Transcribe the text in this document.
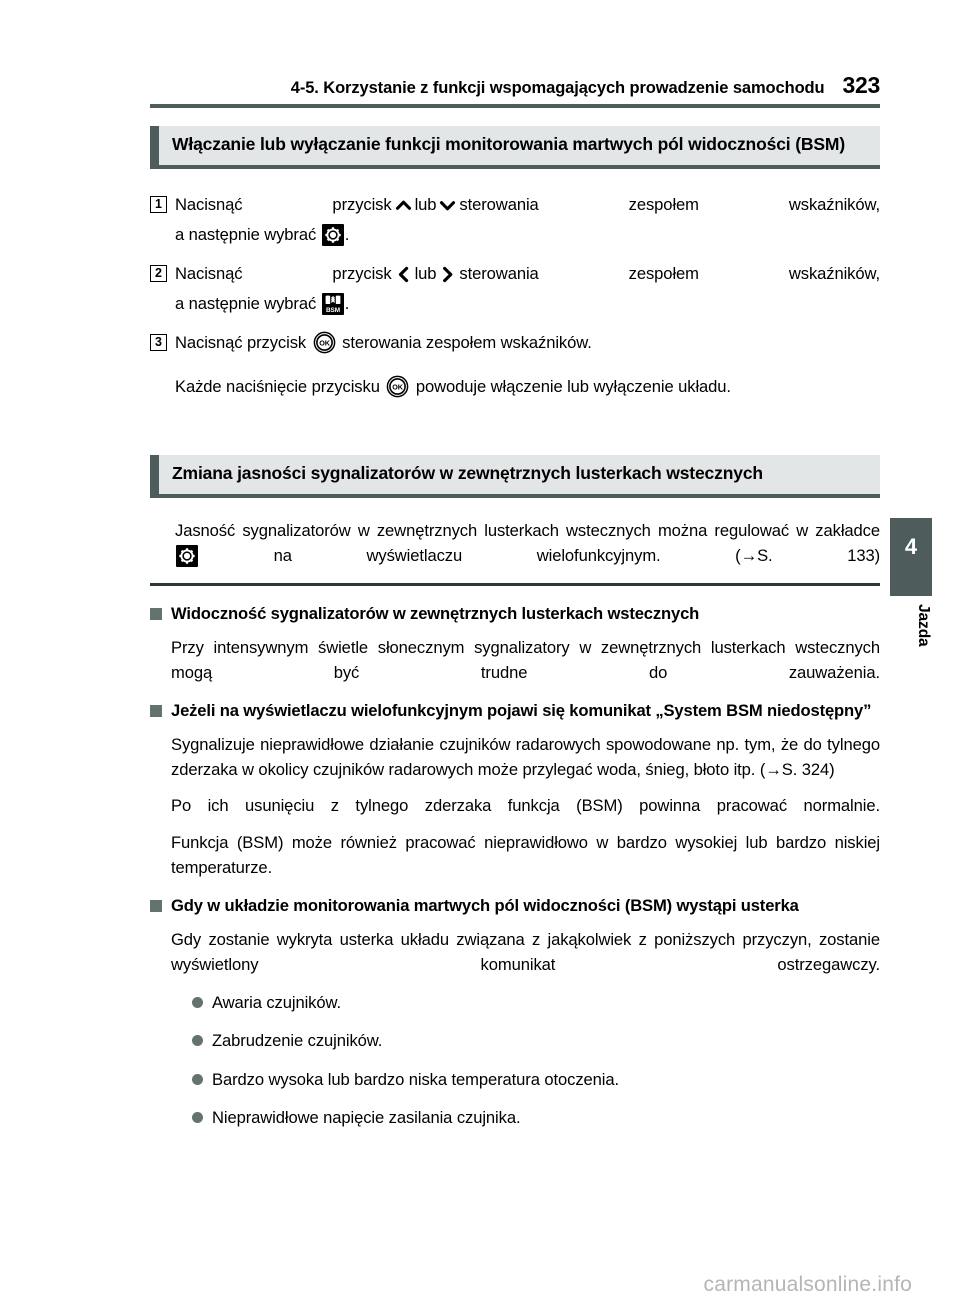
4-5. Korzystanie z funkcji wspomagających prowadzenie samochodu 323
Włączanie lub wyłączanie funkcji monitorowania martwych pól widoczności (BSM)
1 Nacisnąć przycisk lub sterowania zespołem wskaźników,
a następnie wybrać .
2 Nacisnąć przycisk lub sterowania zespołem wskaźników,
a następnie wybrać BSM .
3 Nacisnąć przycisk OK sterowania zespołem wskaźników.
Każde naciśnięcie przycisku OK powoduje włączenie lub wyłączenie układu.
Zmiana jasności sygnalizatorów w zewnętrznych lusterkach wstecznych

Jasność sygnalizatorów w zewnętrznych lusterkach wstecznych można regulować w zakładce
na wyświetlaczu wielofunkcyjnym. (→S. 133)

Widoczność sygnalizatorów w zewnętrznych lusterkach wstecznych

Przy intensywnym świetle słonecznym sygnalizatory w zewnętrznych lusterkach wstecznych mogą być trudne do zauważenia.

Jeżeli na wyświetlaczu wielofunkcyjnym pojawi się komunikat „System BSM niedostępny”

Sygnalizuje nieprawidłowe działanie czujników radarowych spowodowane np. tym, że do tylnego zderzaka w okolicy czujników radarowych może przylegać woda, śnieg, błoto itp. (→S. 324)

Po ich usunięciu z tylnego zderzaka funkcja (BSM) powinna pracować normalnie.

Funkcja (BSM) może również pracować nieprawidłowo w bardzo wysokiej lub bardzo niskiej temperaturze.

Gdy w układzie monitorowania martwych pól widoczności (BSM) wystąpi usterka

Gdy zostanie wykryta usterka układu związana z jakąkolwiek z poniższych przyczyn, zostanie wyświetlony komunikat ostrzegawczy.

Awaria czujników.
Zabrudzenie czujników.
Bardzo wysoka lub bardzo niska temperatura otoczenia.
Nieprawidłowe napięcie zasilania czujnika.
4
Jazda
carmanualsonline.info
